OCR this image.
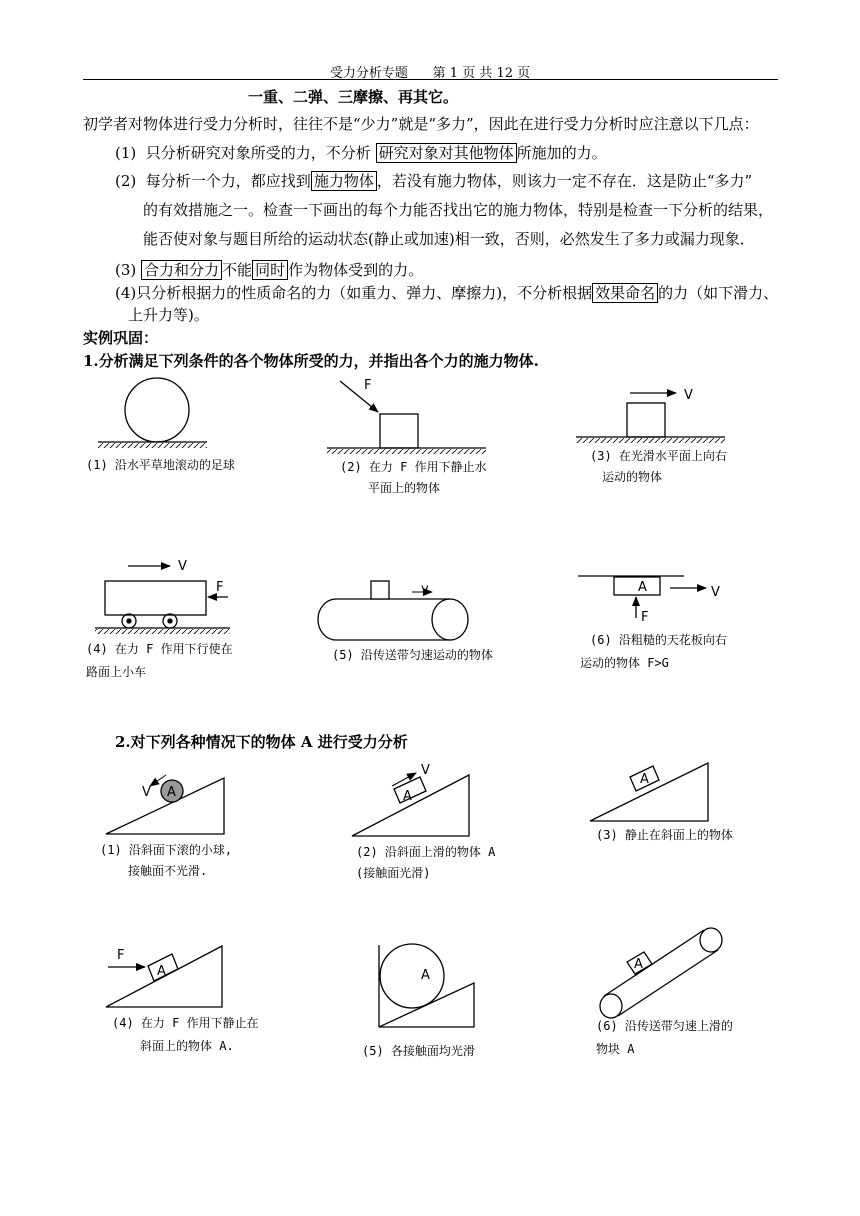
受力分析专题 第 1 页 共 12 页
一重、二弹、三摩擦、再其它。
初学者对物体进行受力分析时，往往不是“少力”就是“多力”，因此在进行受力分析时应注意以下几点：
(1) 只分析研究对象所受的力，不分析 研究对象对其他物体 所施加的力。
(2) 每分析一个力，都应找到 施力物体 ，若没有施力物体，则该力一定不存在．这是防止“多力”
的有效措施之一。检查一下画出的每个力能否找出它的施力物体，特别是检查一下分析的结果，
能否使对象与题目所给的运动状态(静止或加速)相一致，否则，必然发生了多力或漏力现象．
(3) 合力和分力 不能 同时 作为物体受到的力。
(4)只分析根据力的性质命名的力（如重力、弹力、摩擦力)，不分析根据 效果命名 的力（如下滑力、
上升力等)。
实例巩固：
1.分析满足下列条件的各个物体所受的力，并指出各个力的施力物体.
(1) 沿水平草地滚动的足球	(2) 在力 F 作用下静止水
平面上的物体
(3) 在光滑水平面上向右
运动的物体
(4) 在力 F 作用下行使在
路面上小车
(5) 沿传送带匀速运动的物体
(6) 沿粗糙的天花板向右
运动的物体 F>G
2.对下列各种情况下的物体 A 进行受力分析
(1) 沿斜面下滚的小球,
接触面不光滑.
(2) 沿斜面上滑的物体 A
(接触面光滑)
(3) 静止在斜面上的物体
(4) 在力 F 作用下静止在
斜面上的物体 A.	(5) 各接触面均光滑
(6) 沿传送带匀速上滑的
物块 A
F
V
V
F	v	A	V
F
V A
V
A
A
F
A	A
A
